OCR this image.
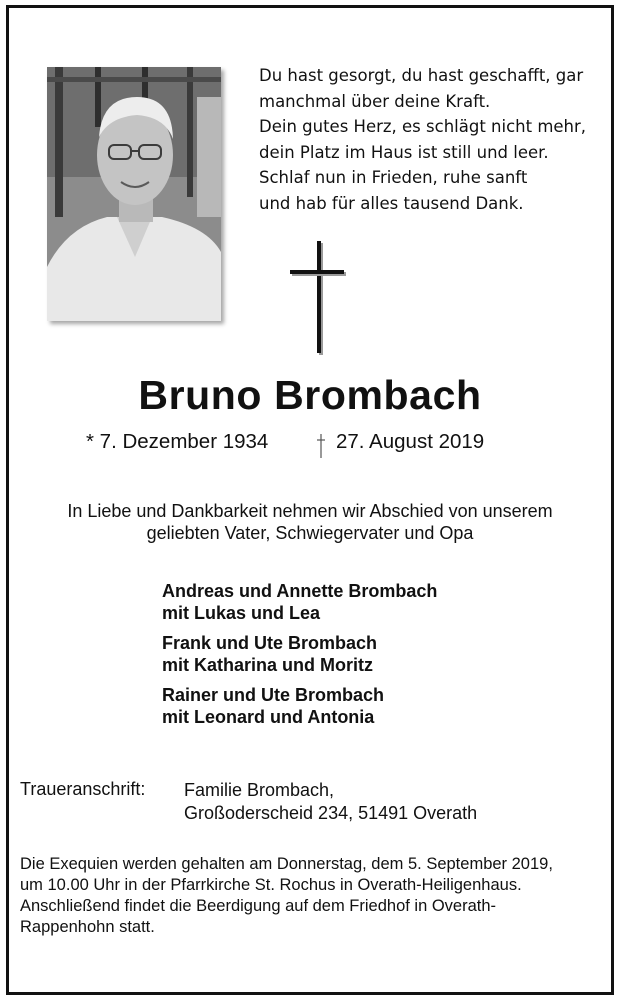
Du hast gesorgt, du hast geschafft, gar
manchmal über deine Kraft.
Dein gutes Herz, es schlägt nicht mehr,
dein Platz im Haus ist still und leer.
Schlaf nun in Frieden, ruhe sanft
und hab für alles tausend Dank.
Bruno Brombach
* 7. Dezember 1934	27. August 2019
In Liebe und Dankbarkeit nehmen wir Abschied von unserem
geliebten Vater, Schwiegervater und Opa
Andreas und Annette Brombach
mit Lukas und Lea
Frank und Ute Brombach
mit Katharina und Moritz
Rainer und Ute Brombach
mit Leonard und Antonia
Traueranschrift: Familie Brombach,
Großoderscheid 234, 51491 Overath
Die Exequien werden gehalten am Donnerstag, dem 5. September 2019,
um 10.00 Uhr in der Pfarrkirche St. Rochus in Overath-Heiligenhaus.
Anschließend findet die Beerdigung auf dem Friedhof in Overath-
Rappenhohn statt.
